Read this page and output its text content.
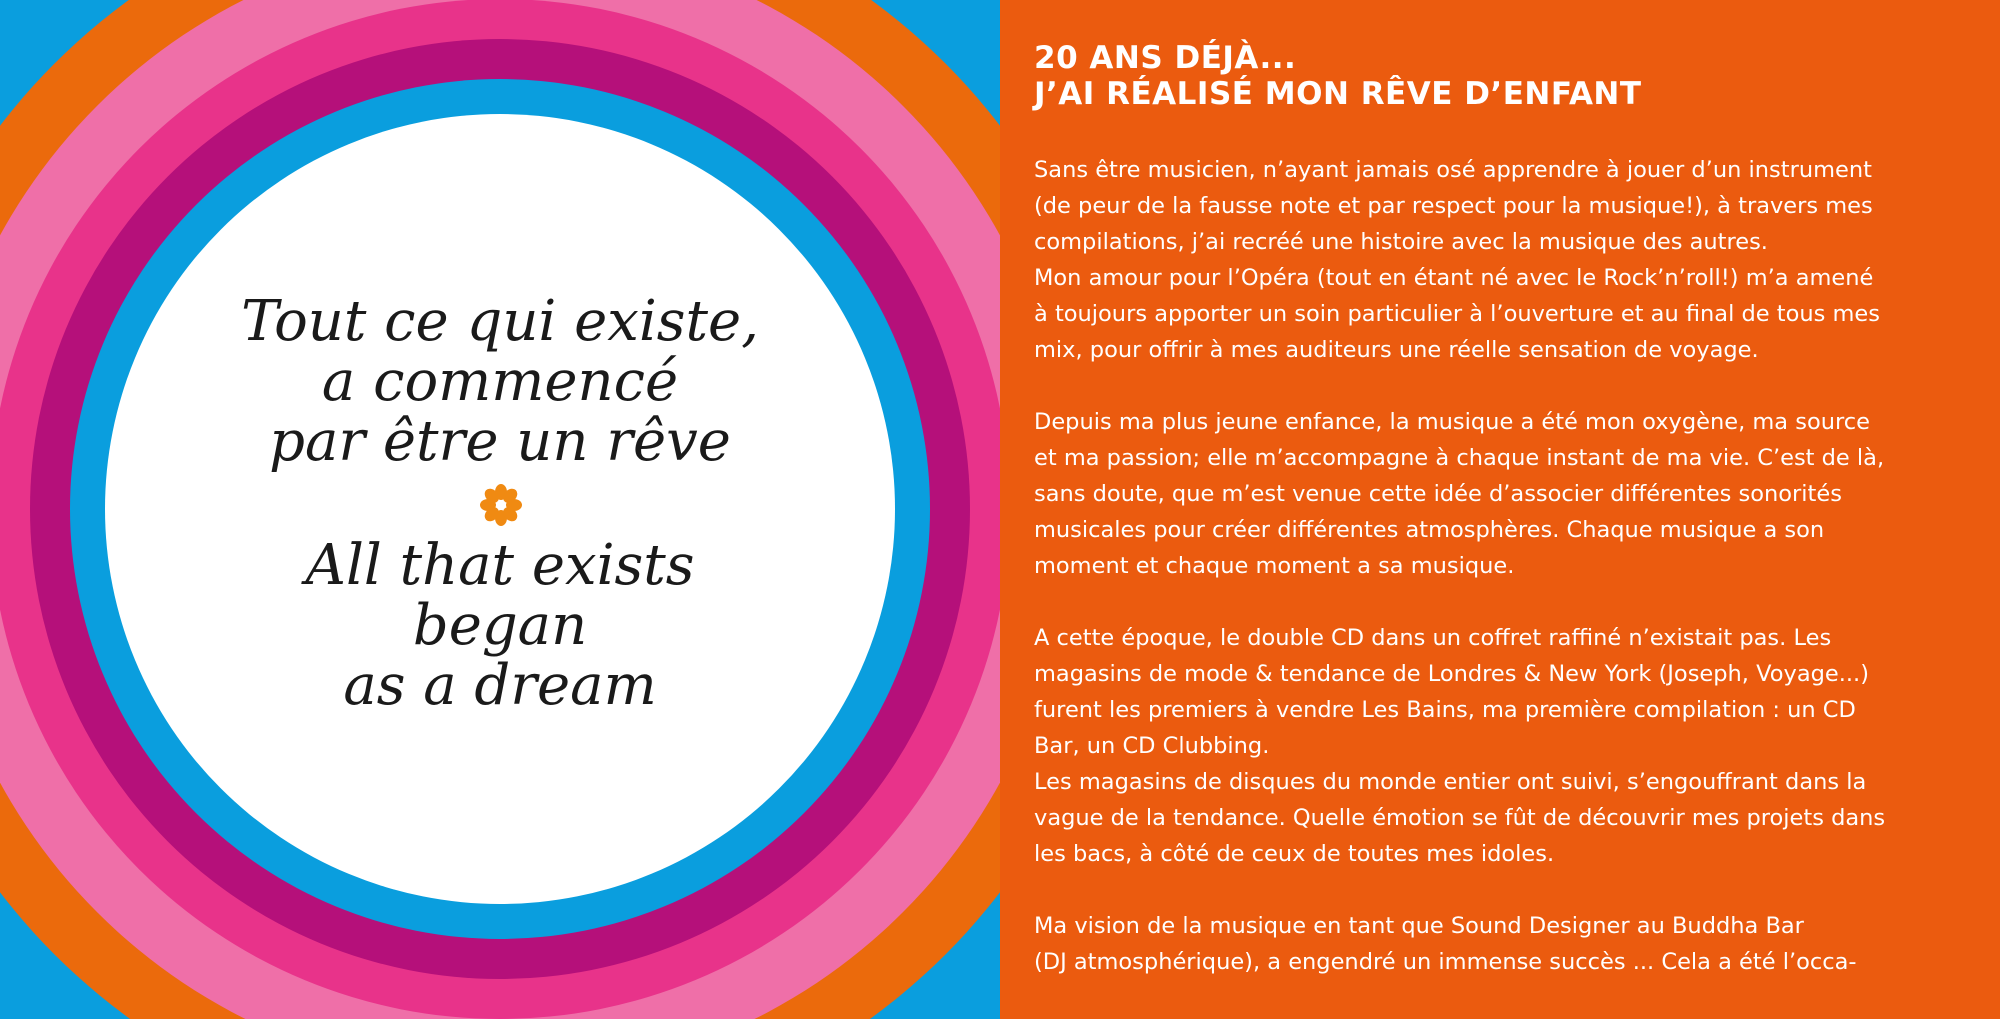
Tout ce qui existe,
a commencé
par être un rêve
All that exists
began
as a dream
20 ANS DÉJÀ...
J’AI RÉALISÉ MON RÊVE D’ENFANT
Sans être musicien, n’ayant jamais osé apprendre à jouer d’un instrument
(de peur de la fausse note et par respect pour la musique!), à travers mes
compilations, j’ai recréé une histoire avec la musique des autres.
Mon amour pour l’Opéra (tout en étant né avec le Rock’n’roll!) m’a amené
à toujours apporter un soin particulier à l’ouverture et au final de tous mes
mix, pour offrir à mes auditeurs une réelle sensation de voyage.
Depuis ma plus jeune enfance, la musique a été mon oxygène, ma source
et ma passion; elle m’accompagne à chaque instant de ma vie. C’est de là,
sans doute, que m’est venue cette idée d’associer différentes sonorités
musicales pour créer différentes atmosphères. Chaque musique a son
moment et chaque moment a sa musique.
A cette époque, le double CD dans un coffret raffiné n’existait pas. Les
magasins de mode & tendance de Londres & New York (Joseph, Voyage...)
furent les premiers à vendre Les Bains, ma première compilation : un CD
Bar, un CD Clubbing.
Les magasins de disques du monde entier ont suivi, s’engouffrant dans la
vague de la tendance. Quelle émotion se fût de découvrir mes projets dans
les bacs, à côté de ceux de toutes mes idoles.
Ma vision de la musique en tant que Sound Designer au Buddha Bar
(DJ atmosphérique), a engendré un immense succès ... Cela a été l’occa-
